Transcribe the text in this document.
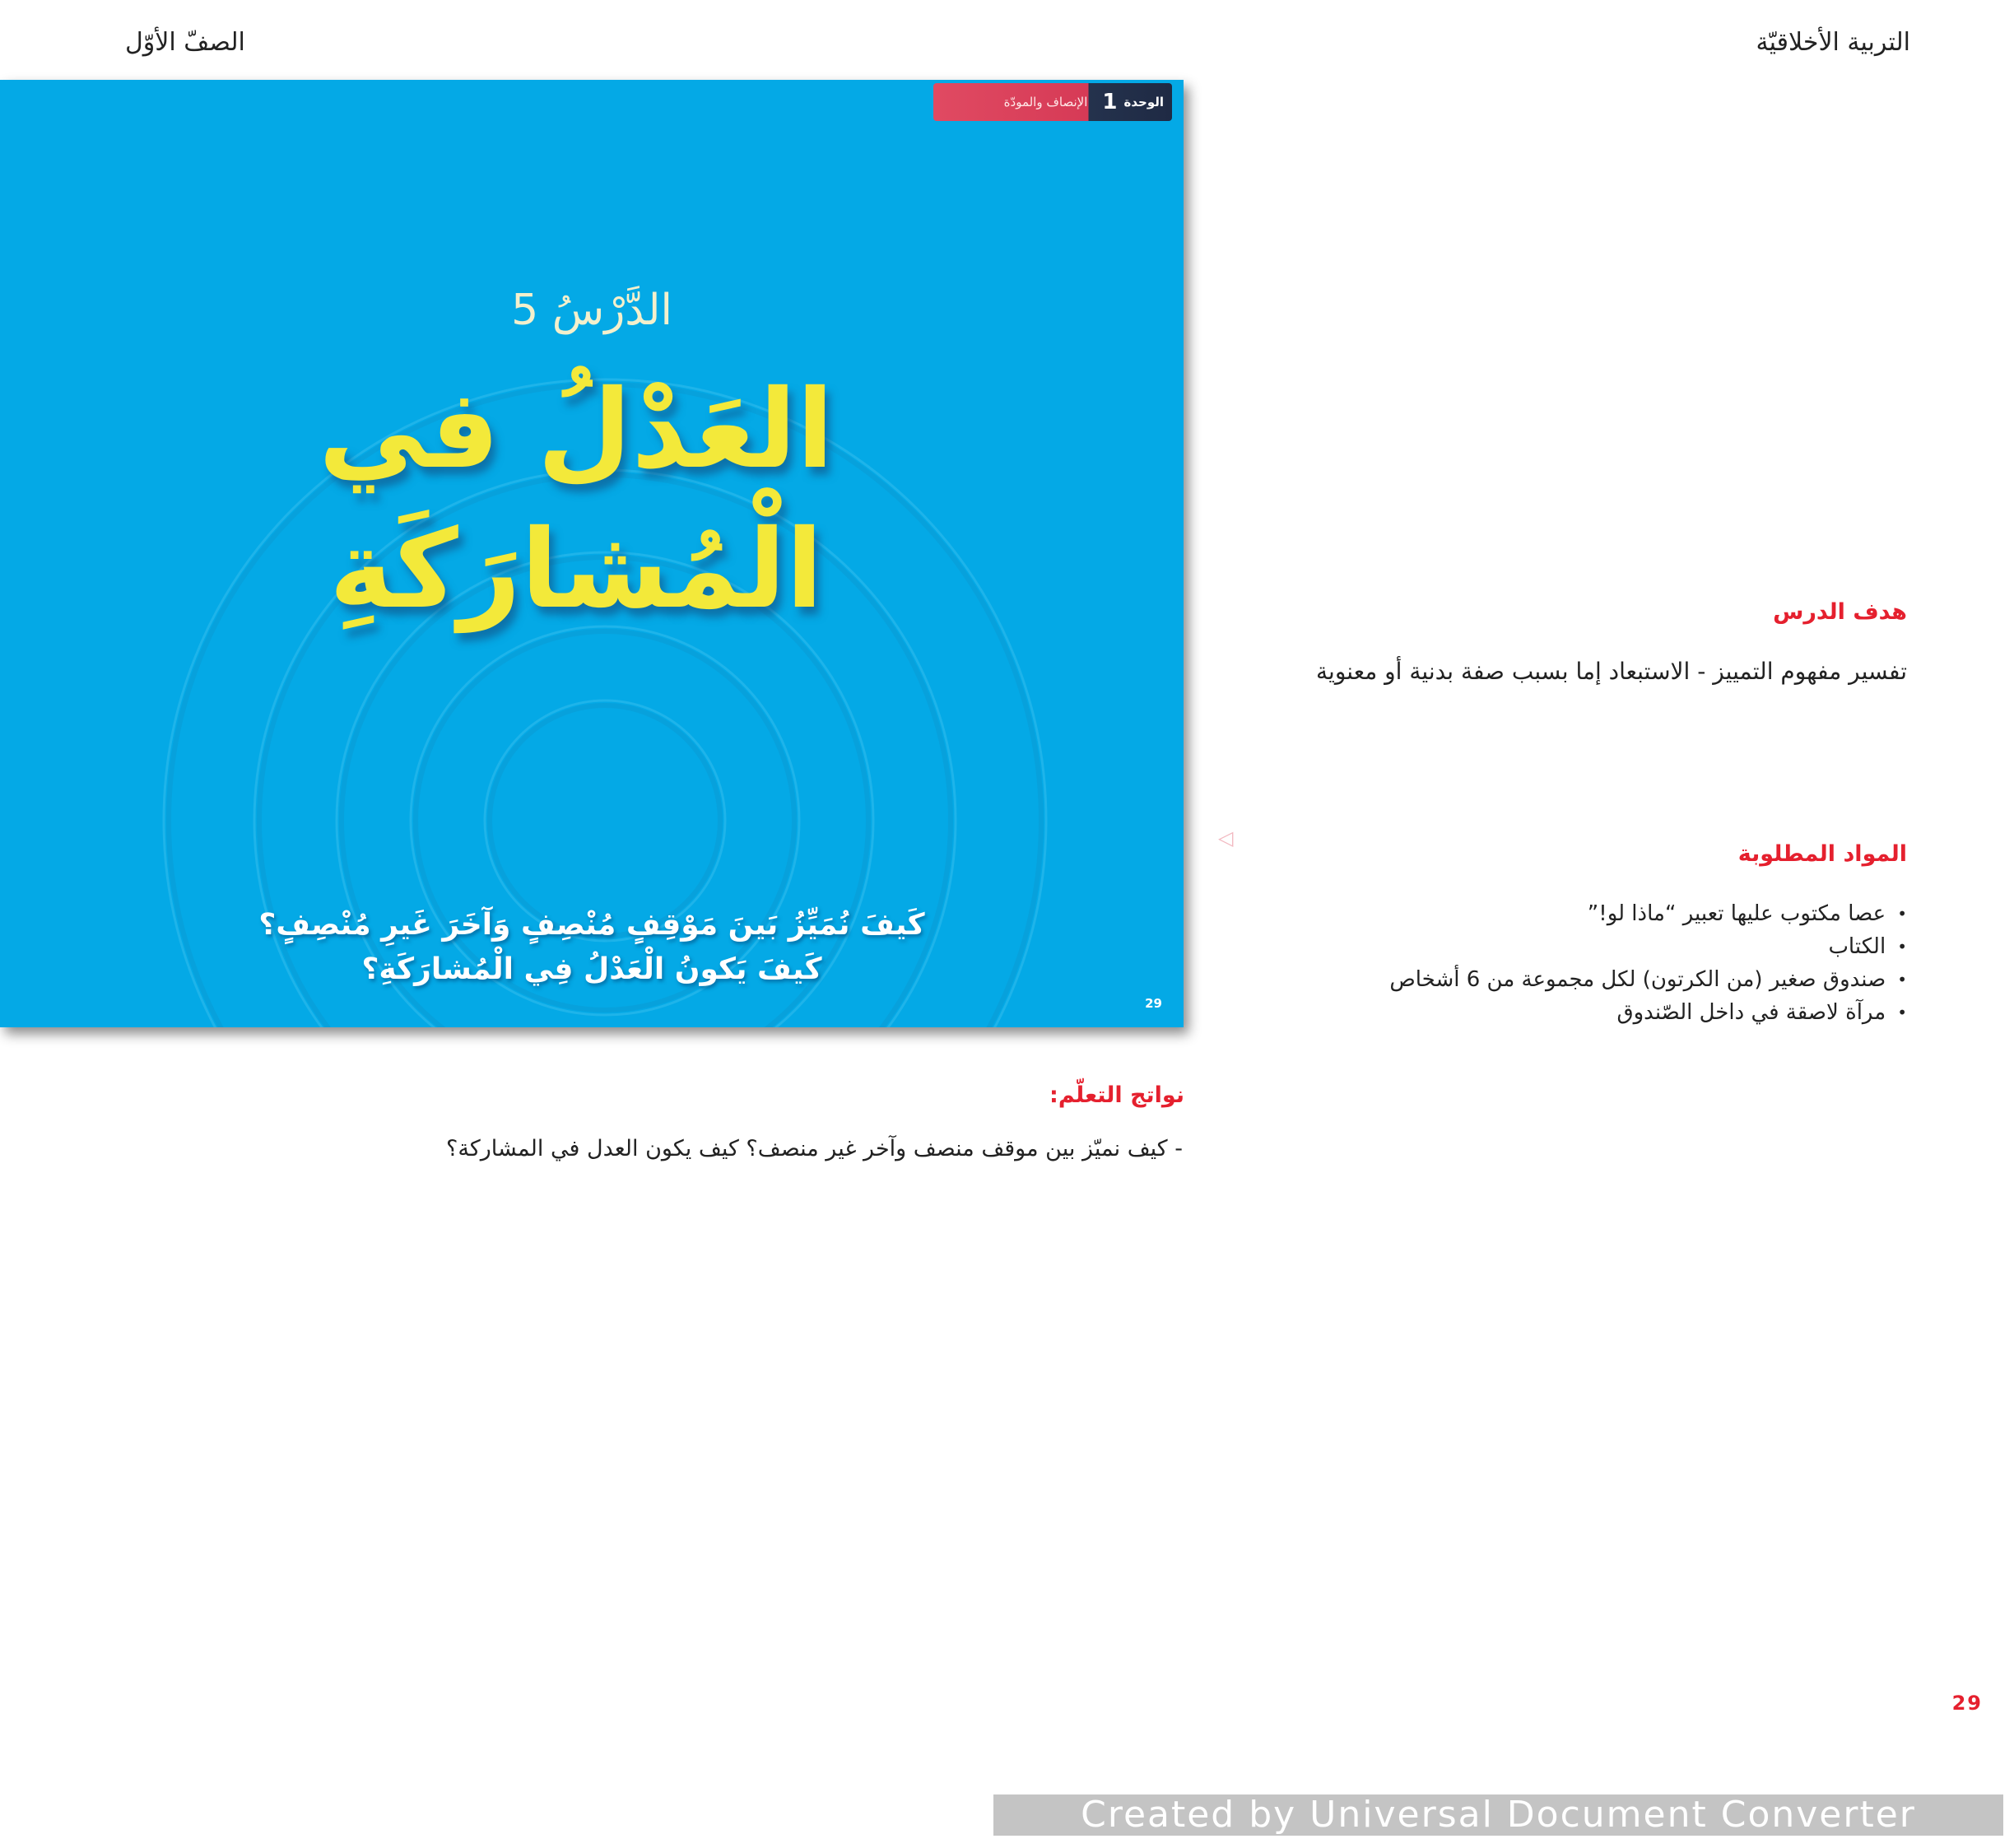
التربية الأخلاقيّة
الصفّ الأوّل
الوحدة
1
الإنصاف والمودّة
الدَّرْسُ 5
العَدْلُ في
الْمُشارَكَةِ
كَيفَ نُمَيِّزُ بَينَ مَوْقِفٍ مُنْصِفٍ وَآخَرَ غَيرِ مُنْصِفٍ؟
كَيفَ يَكونُ الْعَدْلُ فِي الْمُشارَكَةِ؟
29
هدف الدرس
تفسير مفهوم التمييز - الاستبعاد إما بسبب صفة بدنية أو معنوية
المواد المطلوبة
•
عصا مكتوب عليها تعبير “ماذا لو!”
•
الكتاب
•
صندوق صغير (من الكرتون) لكل مجموعة من 6 أشخاص
•
مرآة لاصقة في داخل الصّندوق
نواتج التعلّم:
- كيف نميّز بين موقف منصف وآخر غير منصف؟ كيف يكون العدل في المشاركة؟
◁
29
Created by Universal Document Converter
